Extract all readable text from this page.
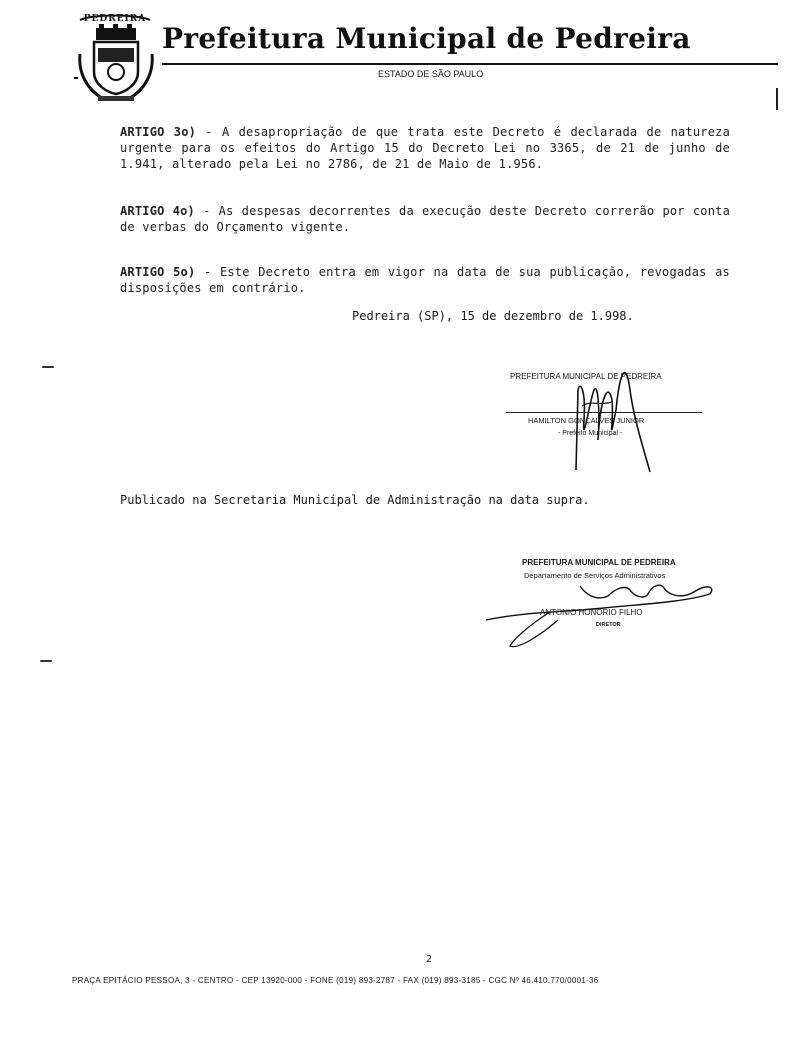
PEDREIRA
Prefeitura Municipal de Pedreira
ESTADO DE SÃO PAULO
ARTIGO 3o) - A desapropriação de que trata este Decreto é declarada de natureza urgente para os efeitos do Artigo 15 do Decreto Lei no 3365, de 21 de junho de 1.941, alterado pela Lei no 2786, de 21 de Maio de 1.956.
ARTIGO 4o) - As despesas decorrentes da execução deste Decreto correrão por conta de verbas do Orçamento vigente.
ARTIGO 5o) - Este Decreto entra em vigor na data de sua publicação, revogadas as disposições em contrário.
Pedreira (SP), 15 de dezembro de 1.998.
PREFEITURA MUNICIPAL DE PEDREIRA
HAMILTON GONÇALVES JUNIOR
- Prefeito Municipal -
Publicado na Secretaria Municipal de Administração na data supra.
PREFEITURA MUNICIPAL DE PEDREIRA
Departamento de Serviços Administrativos
ANTONIO HONÓRIO FILHO
DIRETOR
2
PRAÇA EPITÁCIO PESSOA, 3 - CENTRO - CEP 13920-000 - FONE (019) 893-2787 - FAX (019) 893-3185 - CGC Nº 46.410.770/0001-36
